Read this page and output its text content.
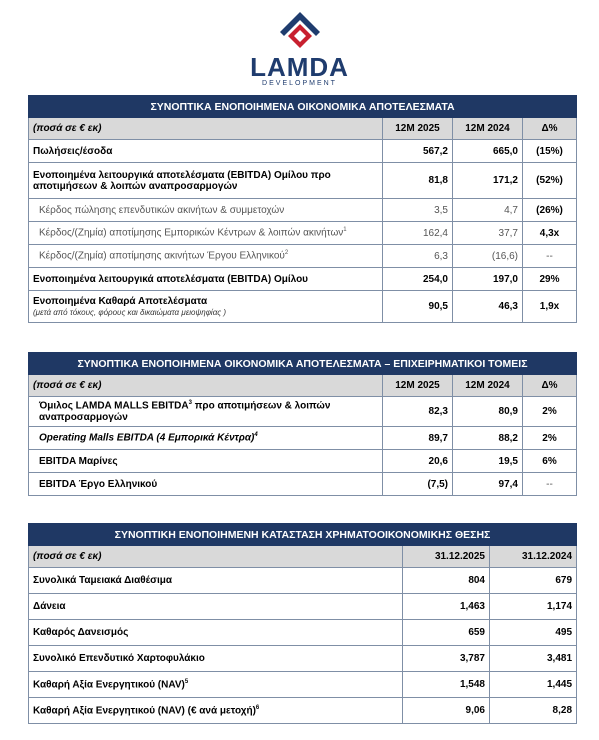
LAMDA
DEVELOPMENT
ΣΥΝΟΠΤΙΚΑ ΕΝΟΠΟΙΗΜΕΝΑ ΟΙΚΟΝΟΜΙΚΑ ΑΠΟΤΕΛΕΣΜΑΤΑ			
(ποσά σε € εκ)	12M 2025	12M 2024	Δ%
Πωλήσεις/έσοδα	567,2	665,0	(15%)
Ενοποιημένα λειτουργικά αποτελέσματα (EBITDA) Ομίλου προ αποτιμήσεων & λοιπών αναπροσαρμογών	81,8	171,2	(52%)
Κέρδος πώλησης επενδυτικών ακινήτων & συμμετοχών	3,5	4,7	(26%)
Κέρδος/(Ζημία) αποτίμησης Εμπορικών Κέντρων & λοιπών ακινήτων$^1$	162,4	37,7	4,3x
Κέρδος/(Ζημία) αποτίμησης ακινήτων Έργου Ελληνικού$^2$	6,3	(16,6)	--
Ενοποιημένα λειτουργικά αποτελέσματα (EBITDA) Ομίλου	254,0	197,0	29%
Ενοποιημένα Καθαρά Αποτελέσματα
(μετά από τόκους, φόρους και δικαιώματα μειοψηφίας )	90,5	46,3	1,9x
ΣΥΝΟΠΤΙΚΑ ΕΝΟΠΟΙΗΜΕΝΑ ΟΙΚΟΝΟΜΙΚΑ ΑΠΟΤΕΛΕΣΜΑΤΑ – ΕΠΙΧΕΙΡΗΜΑΤΙΚΟΙ ΤΟΜΕΙΣ			
(ποσά σε € εκ)	12M 2025	12M 2024	Δ%
Όμιλος LAMDA MALLS EBITDA$^3$ προ αποτιμήσεων & λοιπών αναπροσαρμογών	82,3	80,9	2%
Operating Malls EBITDA (4 Εμπορικά Κέντρα)$^4$	89,7	88,2	2%
EBITDA Μαρίνες	20,6	19,5	6%
EBITDA Έργο Ελληνικού	(7,5)	97,4	--
ΣΥΝΟΠΤΙΚΗ ΕΝΟΠΟΙΗΜΕΝΗ ΚΑΤΑΣΤΑΣΗ ΧΡΗΜΑΤΟΟΙΚΟΝΟΜΙΚΗΣ ΘΕΣΗΣ		
(ποσά σε € εκ)	31.12.2025	31.12.2024
Συνολικά Ταμειακά Διαθέσιμα	804	679
Δάνεια	1,463	1,174
Καθαρός Δανεισμός	659	495
Συνολικό Επενδυτικό Χαρτοφυλάκιο	3,787	3,481
Καθαρή Αξία Ενεργητικού (NAV)$^5$	1,548	1,445
Καθαρή Αξία Ενεργητικού (NAV) (€ ανά μετοχή)$^6$	9,06	8,28
